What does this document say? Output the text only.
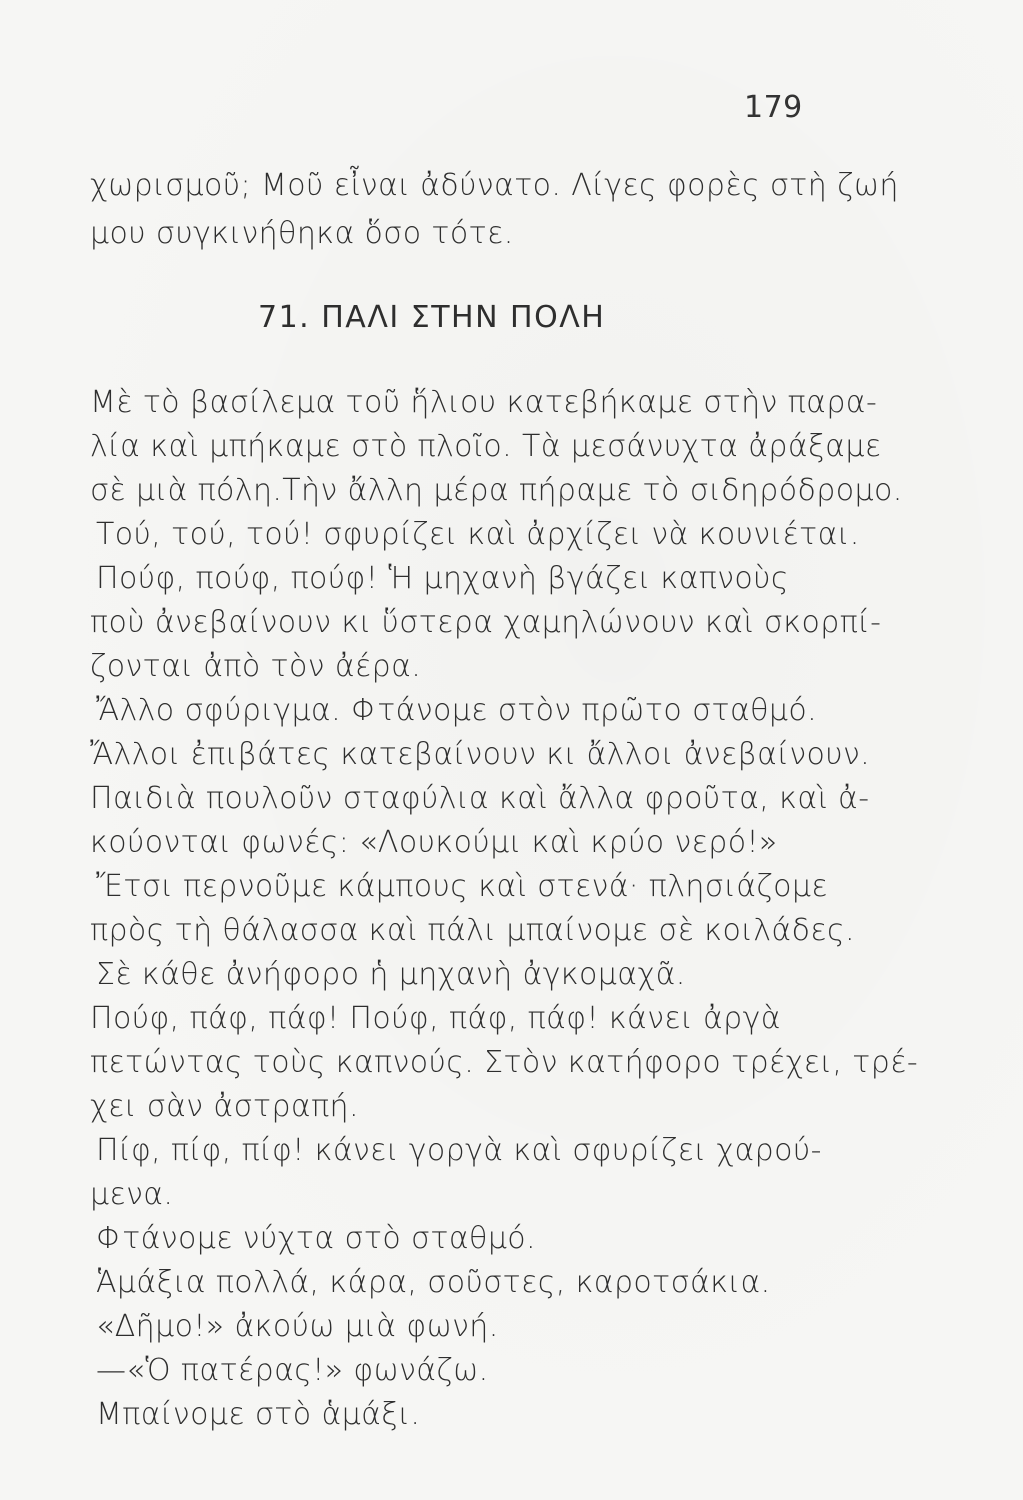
179
χωρισμοῦ; Μοῦ εἶναι ἀδύνατο. Λίγες φορὲς στὴ ζωή
μου συγκινήθηκα ὅσο τότε.
71. ΠΑΛΙ ΣΤΗΝ ΠΟΛΗ
Μὲ τὸ βασίλεμα τοῦ ἥλιου κατεβήκαμε στὴν παρα-
λία καὶ μπήκαμε στὸ πλοῖο. Τὰ μεσάνυχτα ἀράξαμε
σὲ μιὰ πόλη.Τὴν ἄλλη μέρα πήραμε τὸ σιδηρόδρομο.
Τού, τού, τού! σφυρίζει καὶ ἀρχίζει νὰ κουνιέται.
Πούφ, πούφ, πούφ! Ἡ μηχανὴ βγάζει καπνοὺς
ποὺ ἀνεβαίνουν κι ὕστερα χαμηλώνουν καὶ σκορπί-
ζονται ἀπὸ τὸν ἀέρα.
Ἄλλο σφύριγμα. Φτάνομε στὸν πρῶτο σταθμό.
Ἄλλοι ἐπιβάτες κατεβαίνουν κι ἄλλοι ἀνεβαίνουν.
Παιδιὰ πουλοῦν σταφύλια καὶ ἄλλα φροῦτα, καὶ ἀ-
κούονται φωνές: «Λουκούμι καὶ κρύο νερό!»
Ἔτσι περνοῦμε κάμπους καὶ στενά· πλησιάζομε
πρὸς τὴ θάλασσα καὶ πάλι μπαίνομε σὲ κοιλάδες.
Σὲ κάθε ἀνήφορο ἡ μηχανὴ ἀγκομαχᾶ.
Πούφ, πάφ, πάφ! Πούφ, πάφ, πάφ! κάνει ἀργὰ
πετώντας τοὺς καπνούς. Στὸν κατήφορο τρέχει, τρέ-
χει σὰν ἀστραπή.
Πίφ, πίφ, πίφ! κάνει γοργὰ καὶ σφυρίζει χαρού-
μενα.
Φτάνομε νύχτα στὸ σταθμό.
Ἁμάξια πολλά, κάρα, σοῦστες, καροτσάκια.
«Δῆμο!» ἀκούω μιὰ φωνή.
—«Ὁ πατέρας!» φωνάζω.
Μπαίνομε στὸ ἁμάξι.
